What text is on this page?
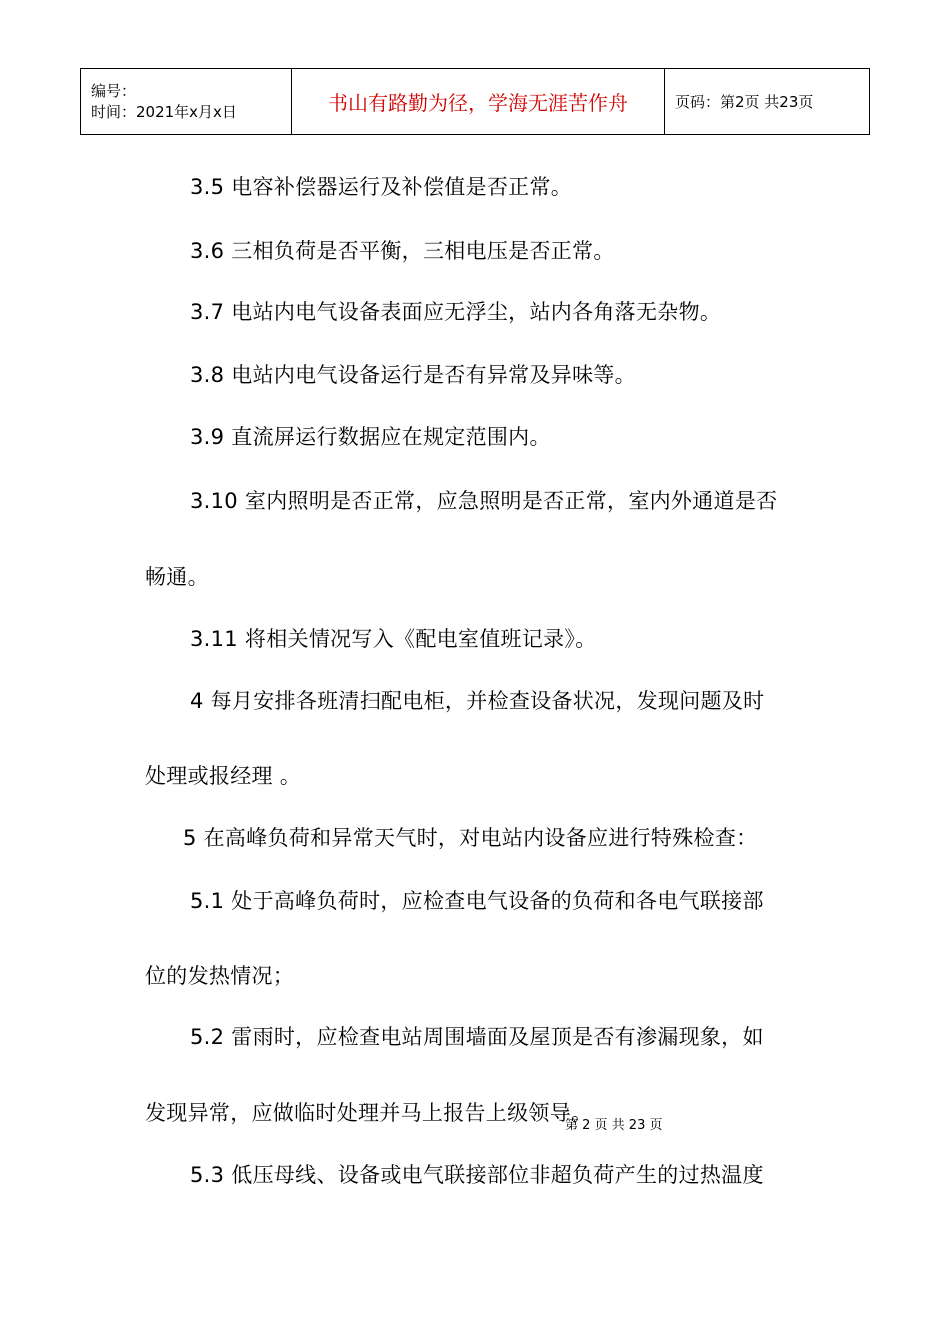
编号：
时间：2021年x月x日	书山有路勤为径，学海无涯苦作舟	页码：第2页 共23页
3.5 电容补偿器运行及补偿值是否正常。
3.6 三相负荷是否平衡，三相电压是否正常。
3.7 电站内电气设备表面应无浮尘，站内各角落无杂物。
3.8 电站内电气设备运行是否有异常及异味等。
3.9 直流屏运行数据应在规定范围内。
3.10 室内照明是否正常，应急照明是否正常，室内外通道是否
畅通。
3.11 将相关情况写入《配电室值班记录》。
4 每月安排各班清扫配电柜，并检查设备状况，发现问题及时
处理或报经理 。
5 在高峰负荷和异常天气时，对电站内设备应进行特殊检查：
5.1 处于高峰负荷时，应检查电气设备的负荷和各电气联接部
位的发热情况；
5.2 雷雨时，应检查电站周围墙面及屋顶是否有渗漏现象，如
发现异常，应做临时处理并马上报告上级领导。
5.3 低压母线、设备或电气联接部位非超负荷产生的过热温度
第 2 页 共 23 页
